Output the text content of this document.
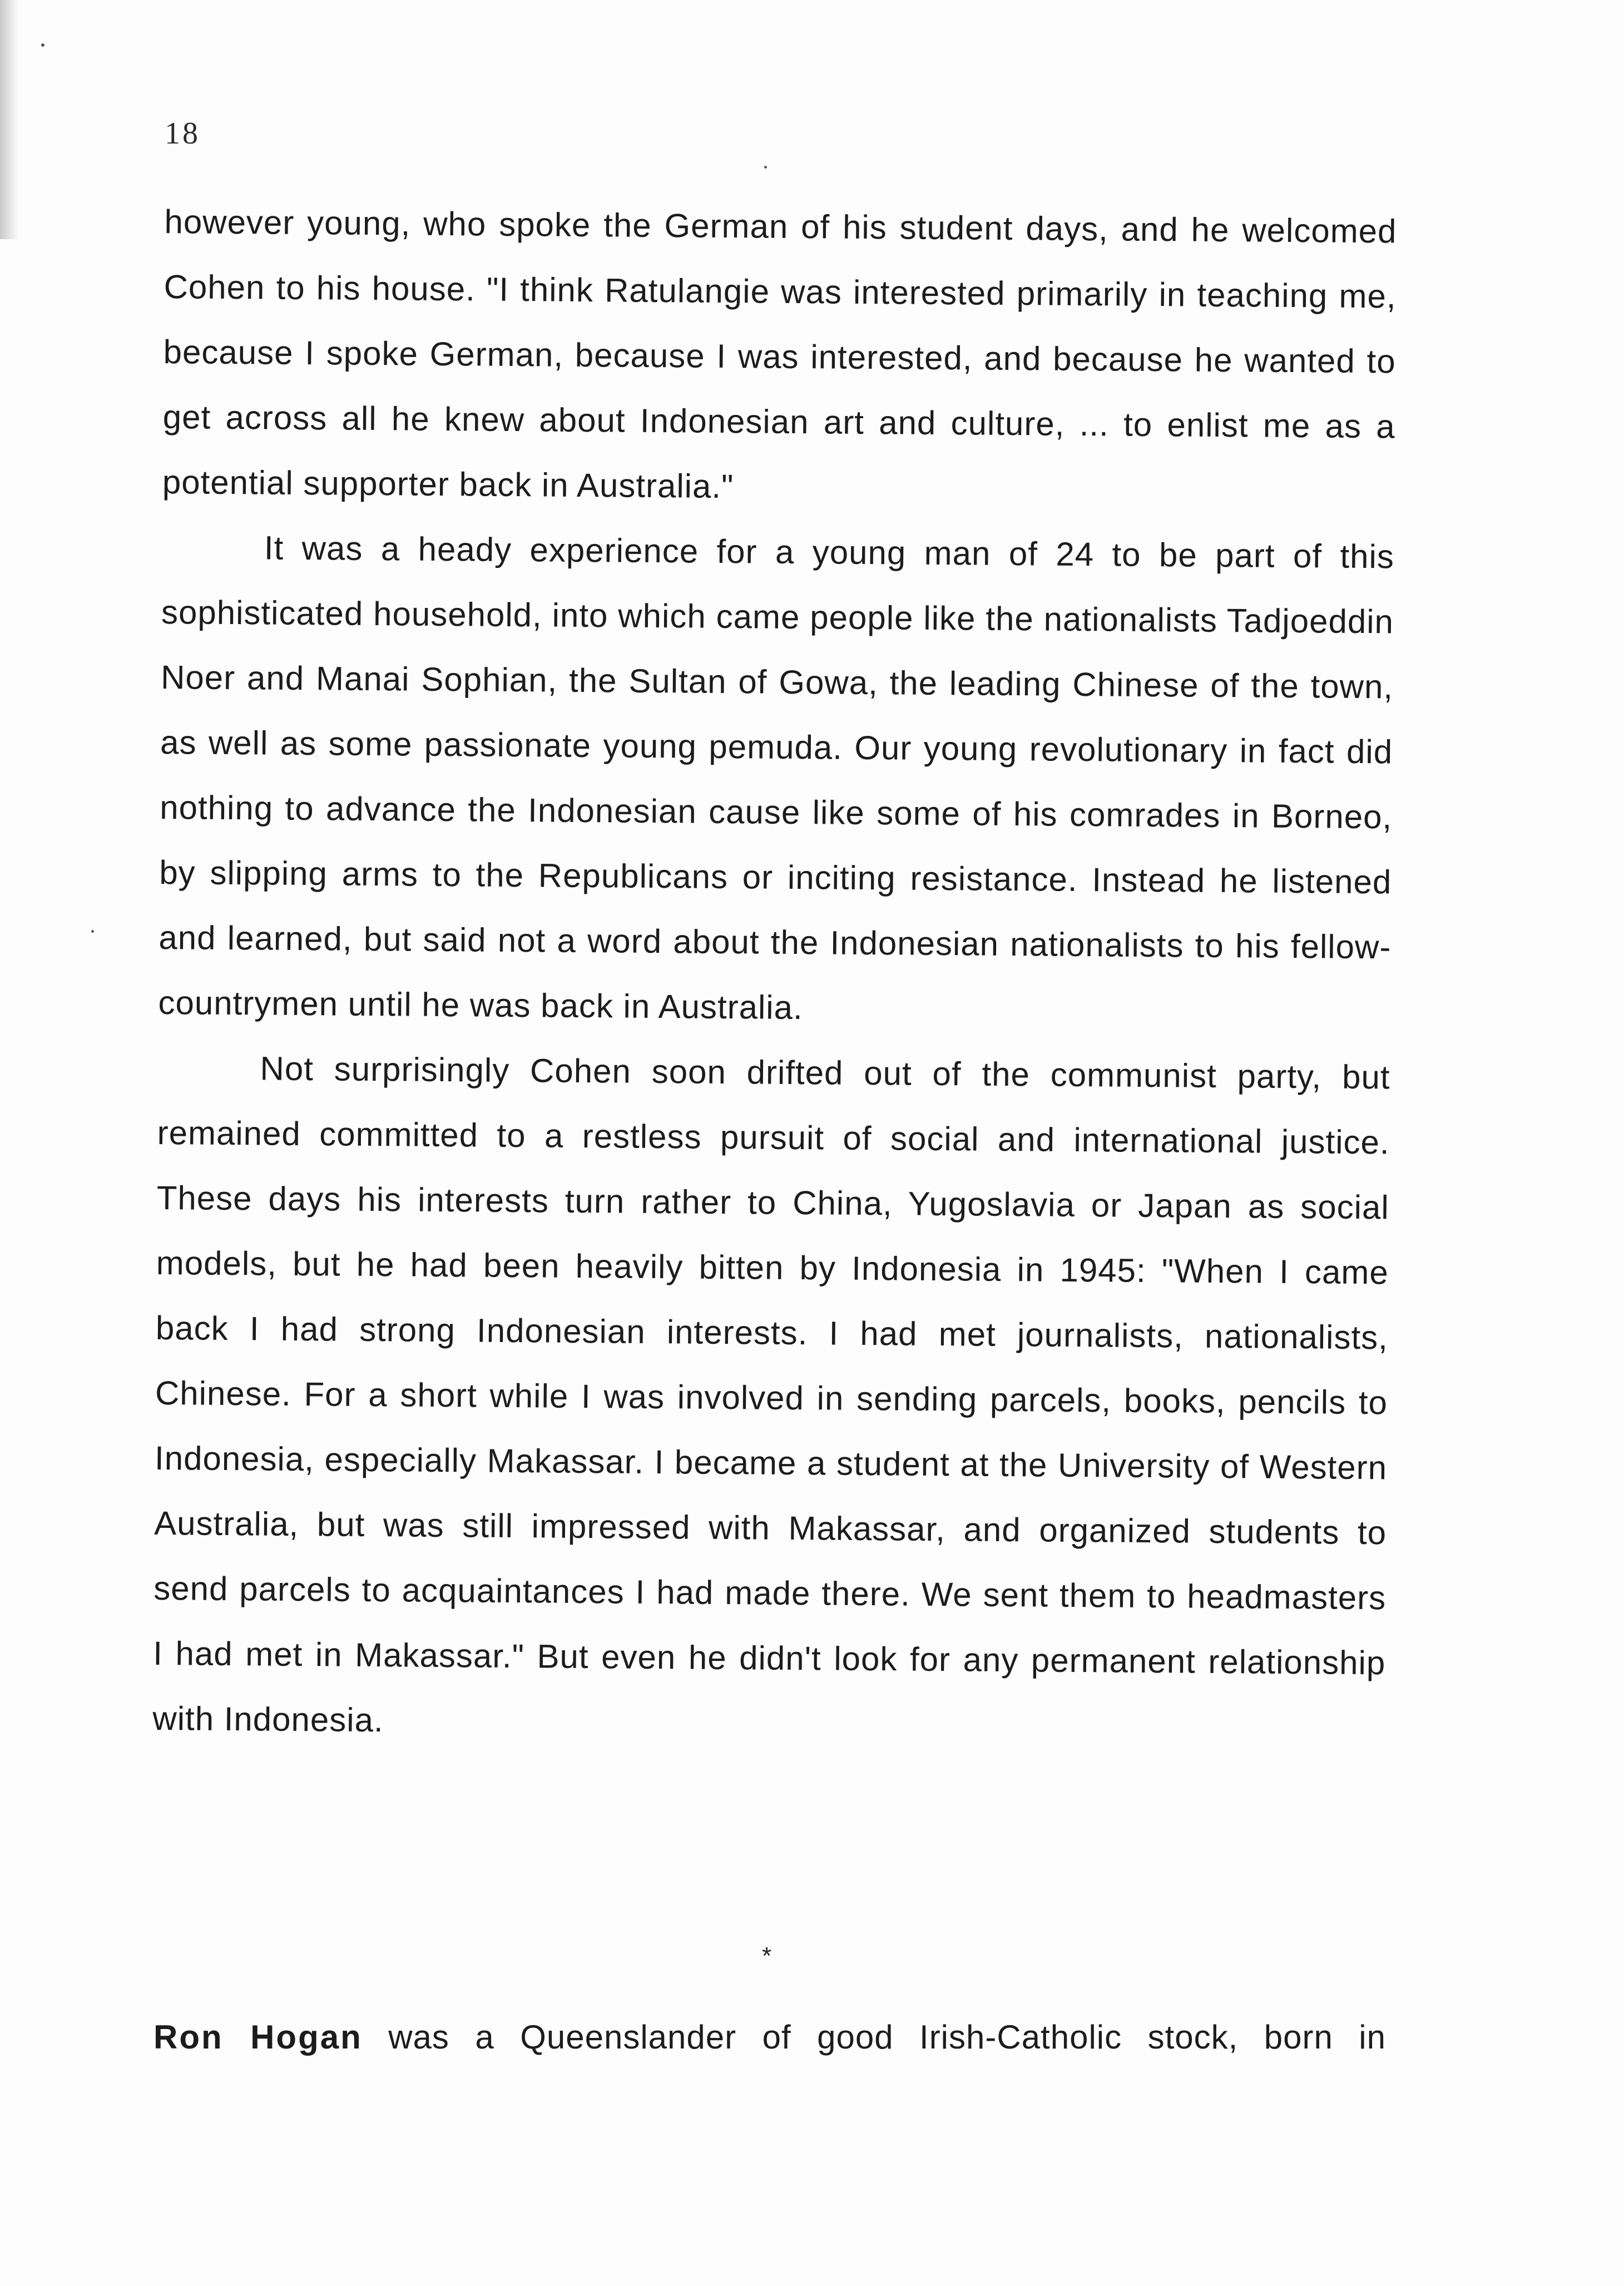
18

however young, who spoke the German of his student days, and he welcomed Cohen to his house. "I think Ratulangie was interested primarily in teaching me, because I spoke German, because I was interested, and because he wanted to get across all he knew about Indonesian art and culture, ... to enlist me as a potential supporter back in Australia."

It was a heady experience for a young man of 24 to be part of this sophisticated household, into which came people like the nationalists Tadjoeddin Noer and Manai Sophian, the Sultan of Gowa, the leading Chinese of the town, as well as some passionate young pemuda. Our young revolutionary in fact did nothing to advance the Indonesian cause like some of his comrades in Borneo, by slipping arms to the Republicans or inciting resistance. Instead he listened and learned, but said not a word about the Indonesian nationalists to his fellow-countrymen until he was back in Australia.

Not surprisingly Cohen soon drifted out of the communist party, but remained committed to a restless pursuit of social and international justice. These days his interests turn rather to China, Yugoslavia or Japan as social models, but he had been heavily bitten by Indonesia in 1945: "When I came back I had strong Indonesian interests. I had met journalists, nationalists, Chinese. For a short while I was involved in sending parcels, books, pencils to Indonesia, especially Makassar. I became a student at the University of Western Australia, but was still impressed with Makassar, and organized students to send parcels to acquaintances I had made there. We sent them to headmasters I had met in Makassar." But even he didn't look for any permanent relationship with Indonesia.

*
Ron Hogan was a Queenslander of good Irish-Catholic stock, born in
